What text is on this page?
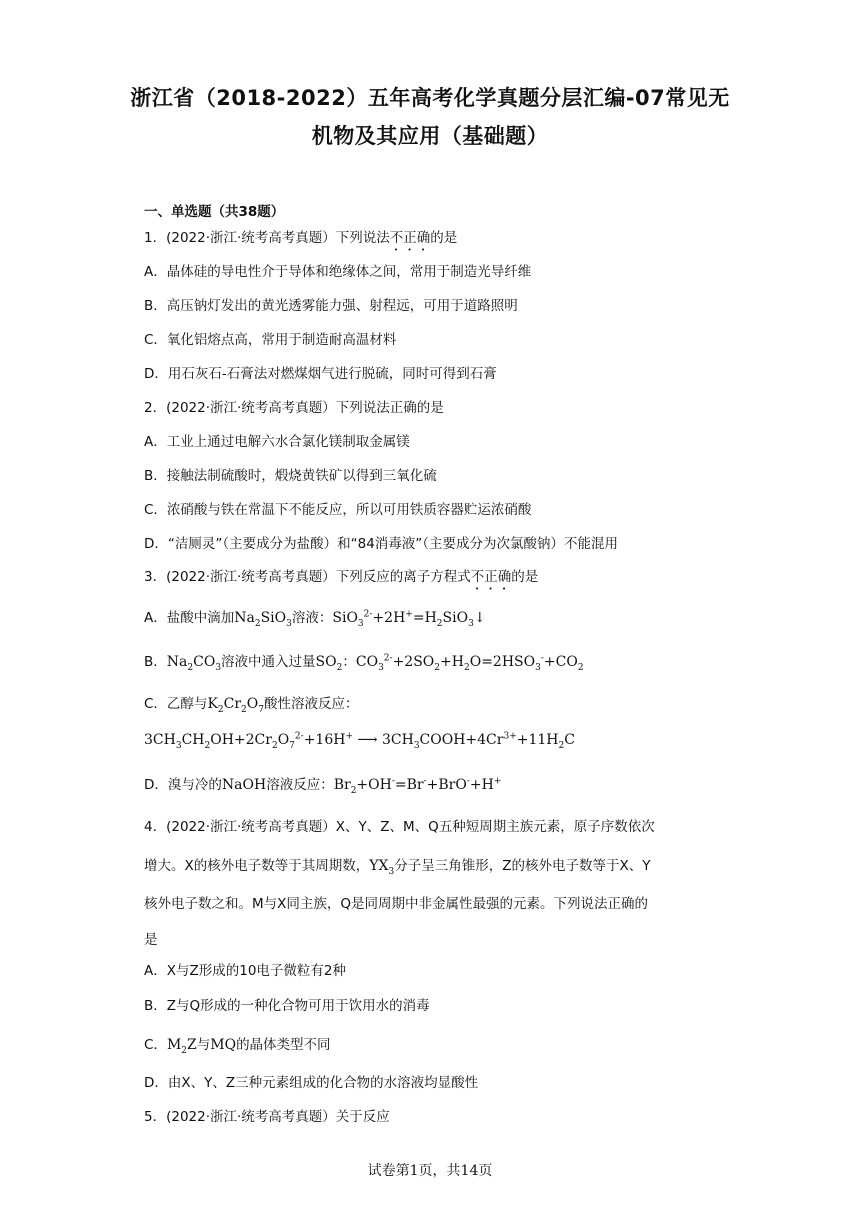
浙江省（2018-2022）五年高考化学真题分层汇编-07常见无
机物及其应用（基础题）
一、单选题（共38题）
1．(2022·浙江·统考高考真题）下列说法不正确的是
A．晶体硅的导电性介于导体和绝缘体之间，常用于制造光导纤维
B．高压钠灯发出的黄光透雾能力强、射程远，可用于道路照明
C．氧化铝熔点高，常用于制造耐高温材料
D．用石灰石-石膏法对燃煤烟气进行脱硫，同时可得到石膏
2．(2022·浙江·统考高考真题）下列说法正确的是
A．工业上通过电解六水合氯化镁制取金属镁
B．接触法制硫酸时，煅烧黄铁矿以得到三氧化硫
C．浓硝酸与铁在常温下不能反应，所以可用铁质容器贮运浓硝酸
D．“洁厕灵”（主要成分为盐酸）和“84消毒液”（主要成分为次氯酸钠）不能混用
3．(2022·浙江·统考高考真题）下列反应的离子方程式不正确的是
A．盐酸中滴加$Na_2SiO_3$溶液：$SiO_3^{2-}+2H^+=H_2SiO_3↓$
B．$Na_2CO_3$溶液中通入过量$SO_2$：$CO_3^{2-}+2SO_2+H_2O=2HSO_3^-+CO_2$
C．乙醇与$K_2Cr_2O_7$酸性溶液反应：
$3CH_3CH_2OH+2Cr_2O_7^{2-}+16H^+$ ⟶ $3CH_3COOH+4Cr^{3+}+11H_2C$
D．溴与冷的NaOH溶液反应：$Br_2+OH^-=Br^-+BrO^-+H^+$
4．(2022·浙江·统考高考真题）X、Y、Z、M、Q五种短周期主族元素，原子序数依次
增大。X的核外电子数等于其周期数，$YX_3$分子呈三角锥形，Z的核外电子数等于X、Y
核外电子数之和。M与X同主族，Q是同周期中非金属性最强的元素。下列说法正确的
是
A．X与Z形成的10电子微粒有2种
B．Z与Q形成的一种化合物可用于饮用水的消毒
C．$M_2Z$与MQ的晶体类型不同
D．由X、Y、Z三种元素组成的化合物的水溶液均显酸性
5．(2022·浙江·统考高考真题）关于反应
试卷第1页，共14页
